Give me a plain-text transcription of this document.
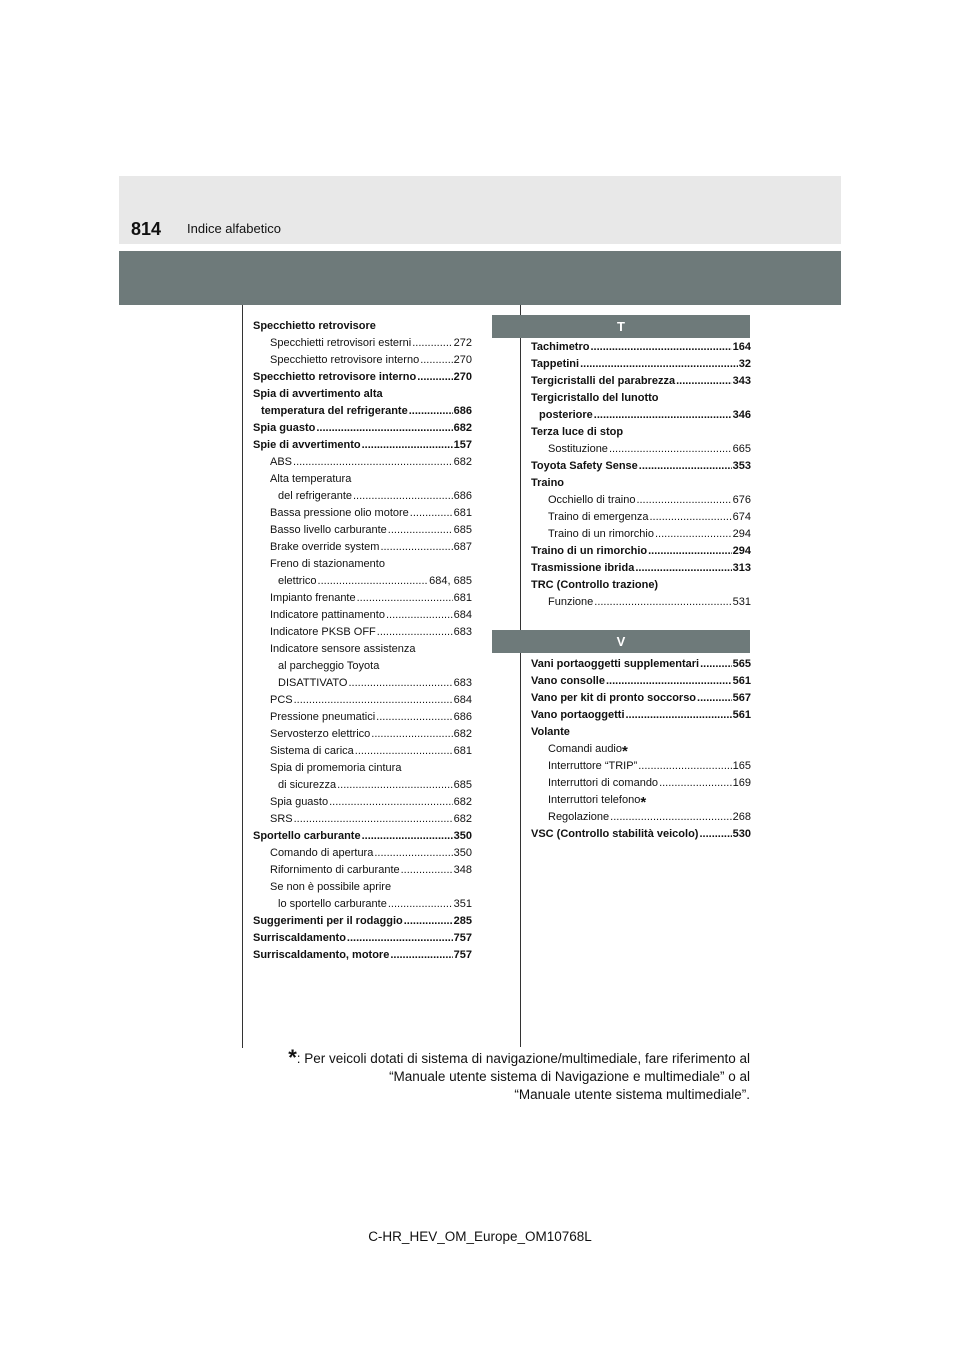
814 Indice alfabetico
Specchietto retrovisore
Specchietti retrovisori esterni .....	272
Specchietto retrovisore interno .....	270
Specchietto retrovisore interno .....	270
Spia di avvertimento alta
temperatura del refrigerante .....	686
Spia guasto .....	682
Spie di avvertimento .....	157
ABS .....	682
Alta temperatura
del refrigerante .....	686
Bassa pressione olio motore .....	681
Basso livello carburante .....	685
Brake override system .....	687
Freno di stazionamento
elettrico .....	684, 685
Impianto frenante .....	681
Indicatore pattinamento .....	684
Indicatore PKSB OFF .....	683
Indicatore sensore assistenza
al parcheggio Toyota
DISATTIVATO .....	683
PCS .....	684
Pressione pneumatici .....	686
Servosterzo elettrico .....	682
Sistema di carica .....	681
Spia di promemoria cintura
di sicurezza .....	685
Spia guasto .....	682
SRS .....	682
Sportello carburante .....	350
Comando di apertura .....	350
Rifornimento di carburante .....	348
Se non è possibile aprire
lo sportello carburante .....	351
Suggerimenti per il rodaggio .....	285
Surriscaldamento .....	757
Surriscaldamento, motore .....	757
T
Tachimetro .....	164
Tappetini .....	32
Tergicristalli del parabrezza .....	343
Tergicristallo del lunotto
posteriore .....	346
Terza luce di stop
Sostituzione .....	665
Toyota Safety Sense .....	353
Traino
Occhiello di traino .....	676
Traino di emergenza .....	674
Traino di un rimorchio .....	294
Traino di un rimorchio .....	294
Trasmissione ibrida .....	313
TRC (Controllo trazione)
Funzione .....	531
V
Vani portaoggetti supplementari .....	565
Vano consolle .....	561
Vano per kit di pronto soccorso .....	567
Vano portaoggetti .....	561
Volante
Comandi audio *
Interruttore “TRIP” .....	165
Interruttori di comando .....	169
Interruttori telefono *
Regolazione .....	268
VSC (Controllo stabilità veicolo) .....	530
*: Per veicoli dotati di sistema di navigazione/multimediale, fare riferimento al
“Manuale utente sistema di Navigazione e multimediale” o al
“Manuale utente sistema multimediale”.
C-HR_HEV_OM_Europe_OM10768L
